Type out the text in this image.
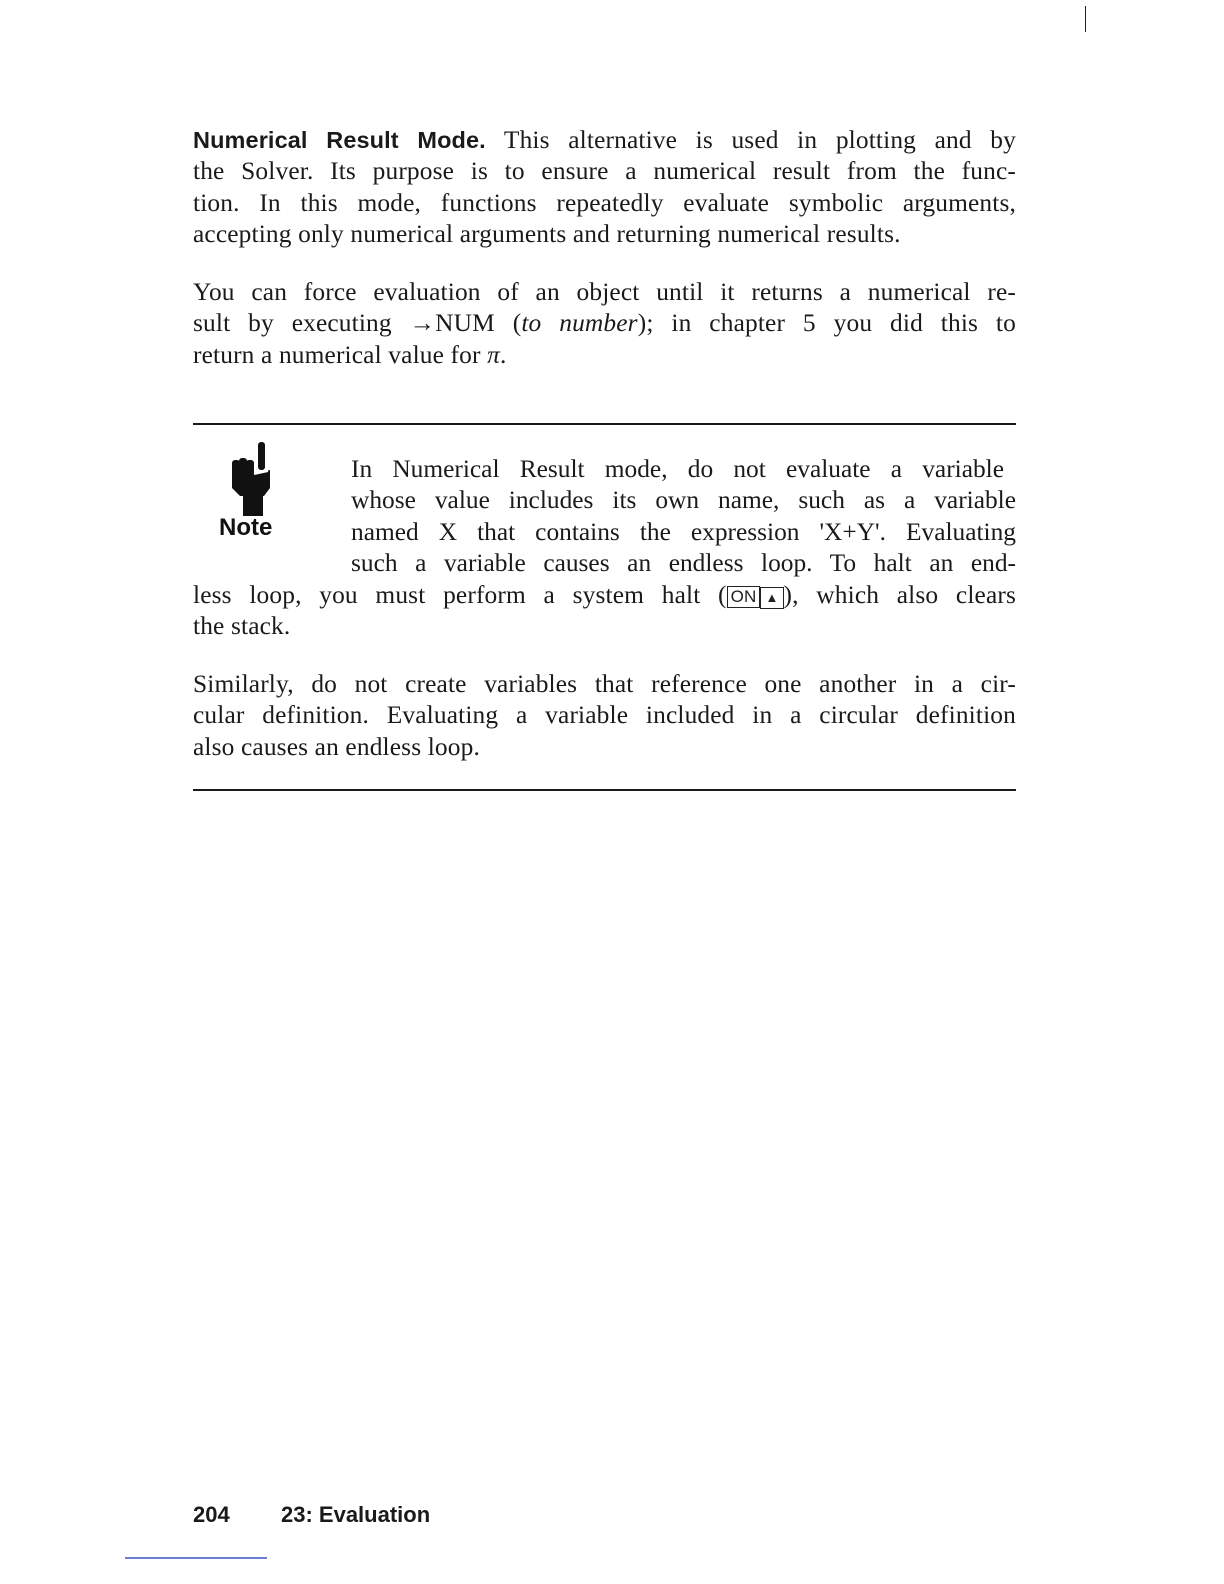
Numerical Result Mode. This alternative is used in plotting and by
the Solver. Its purpose is to ensure a numerical result from the func-
tion. In this mode, functions repeatedly evaluate symbolic arguments,
accepting only numerical arguments and returning numerical results.

You can force evaluation of an object until it returns a numerical re-
sult by executing →NUM (to number); in chapter 5 you did this to
return a numerical value for π.

Note

In Numerical Result mode, do not evaluate a variable
whose value includes its own name, such as a variable
named X that contains the expression 'X+Y'. Evaluating
such a variable causes an endless loop. To halt an end-

less loop, you must perform a system halt ( ON ▲ ), which also clears
the stack.

Similarly, do not create variables that reference one another in a cir-
cular definition. Evaluating a variable included in a circular definition
also causes an endless loop.

204 23: Evaluation
